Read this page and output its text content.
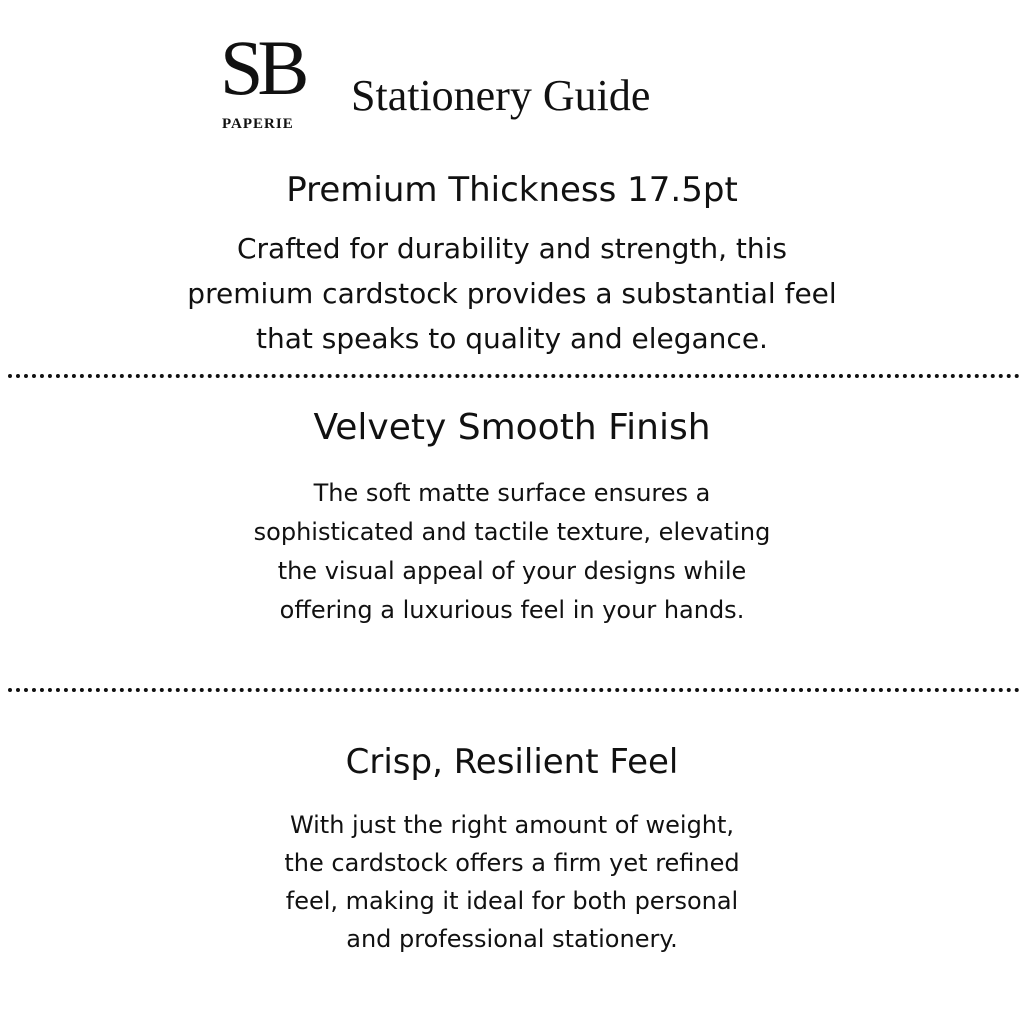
SB
PAPERIE
Stationery Guide
Premium Thickness 17.5pt

Crafted for durability and strength, this premium cardstock provides a substantial feel that speaks to quality and elegance.

Velvety Smooth Finish

The soft matte surface ensures a sophisticated and tactile texture, elevating the visual appeal of your designs while offering a luxurious feel in your hands.

Crisp, Resilient Feel

With just the right amount of weight, the cardstock offers a firm yet refined feel, making it ideal for both personal and professional stationery.
